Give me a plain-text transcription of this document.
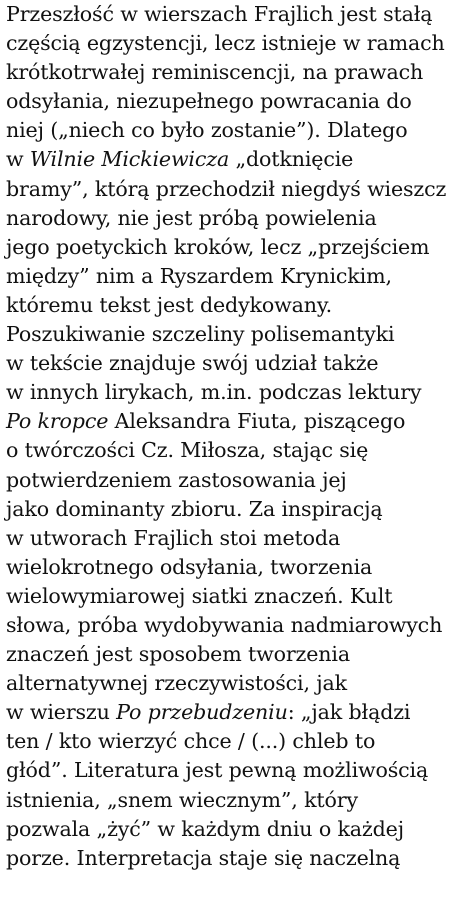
Przeszłość w wierszach Frajlich jest stałą
częścią egzystencji, lecz istnieje w ramach
krótkotrwałej reminiscencji, na prawach
odsyłania, niezupełnego powracania do
niej („niech co było zostanie”). Dlatego
w Wilnie Mickiewicza „dotknięcie
bramy”, którą przechodził niegdyś wieszcz
narodowy, nie jest próbą powielenia
jego poetyckich kroków, lecz „przejściem
między” nim a Ryszardem Krynickim,
któremu tekst jest dedykowany.
Poszukiwanie szczeliny polisemantyki
w tekście znajduje swój udział także
w innych lirykach, m.in. podczas lektury
Po kropce Aleksandra Fiuta, piszącego
o twórczości Cz. Miłosza, stając się
potwierdzeniem zastosowania jej
jako dominanty zbioru. Za inspiracją
w utworach Frajlich stoi metoda
wielokrotnego odsyłania, tworzenia
wielowymiarowej siatki znaczeń. Kult
słowa, próba wydobywania nadmiarowych
znaczeń jest sposobem tworzenia
alternatywnej rzeczywistości, jak
w wierszu Po przebudzeniu: „jak błądzi
ten / kto wierzyć chce / (...) chleb to
głód”. Literatura jest pewną możliwością
istnienia, „snem wiecznym”, który
pozwala „żyć” w każdym dniu o każdej
porze. Interpretacja staje się naczelną
